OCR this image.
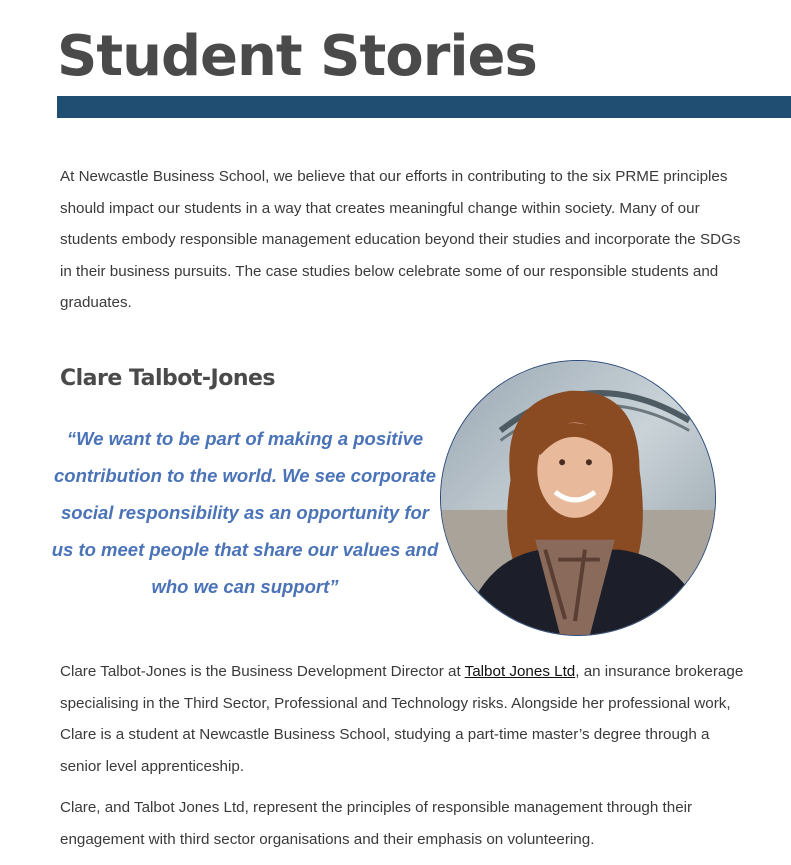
Student Stories

At Newcastle Business School, we believe that our efforts in contributing to the six PRME principles should impact our students in a way that creates meaningful change within society. Many of our students embody responsible management education beyond their studies and incorporate the SDGs in their business pursuits. The case studies below celebrate some of our responsible students and graduates.

Clare Talbot-Jones

“We want to be part of making a positive contribution to the world. We see corporate social responsibility as an opportunity for us to meet people that share our values and who we can support”

Clare Talbot-Jones is the Business Development Director at Talbot Jones Ltd, an insurance brokerage specialising in the Third Sector, Professional and Technology risks. Alongside her professional work, Clare is a student at Newcastle Business School, studying a part-time master’s degree through a senior level apprenticeship.

Clare, and Talbot Jones Ltd, represent the principles of responsible management through their engagement with third sector organisations and their emphasis on volunteering.
